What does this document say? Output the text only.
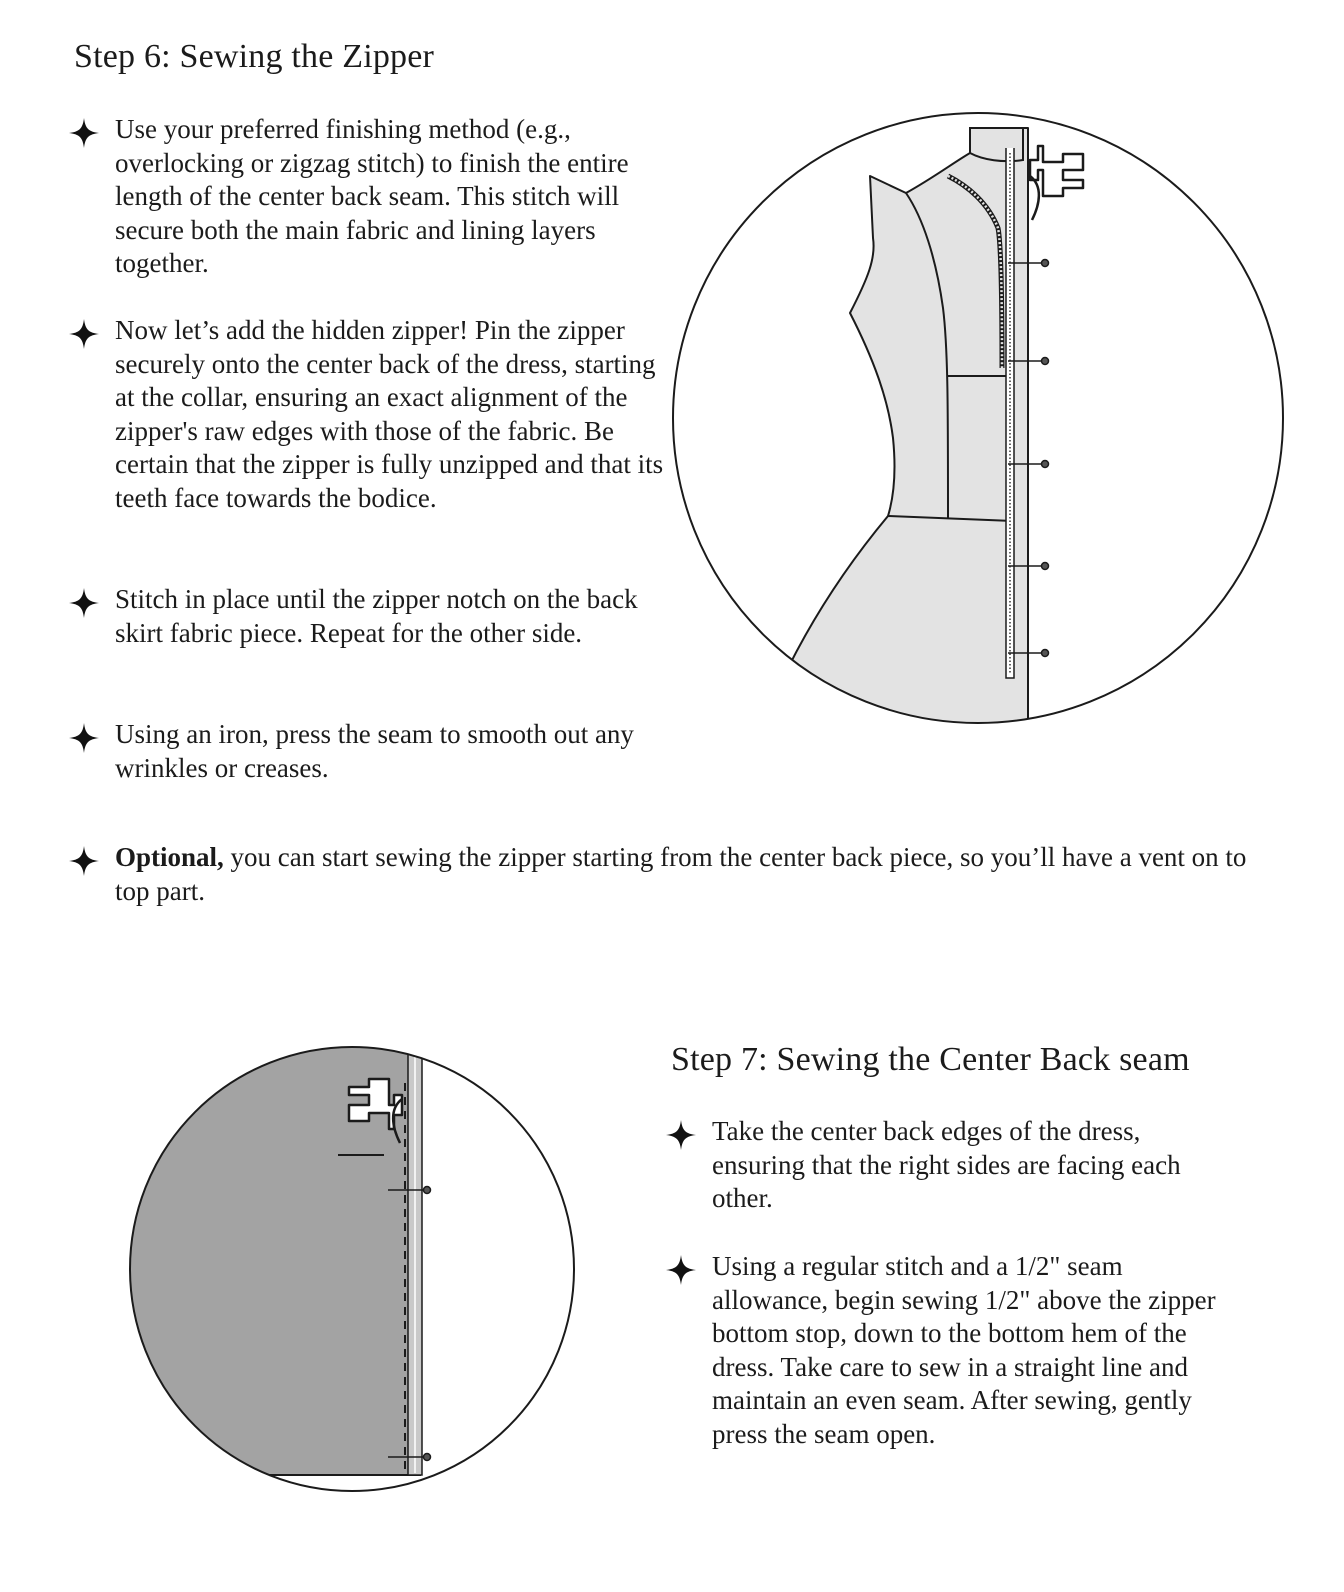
Step 6: Sewing the Zipper
Use your preferred finishing method (e.g., overlocking or zigzag stitch) to finish the entire length of the center back seam. This stitch will secure both the main fabric and lining layers together.
Now let’s add the hidden zipper! Pin the zipper securely onto the center back of the dress, starting at the collar, ensuring an exact alignment of the zipper's raw edges with those of the fabric. Be certain that the zipper is fully unzipped and that its teeth face towards the bodice.
Stitch in place until the zipper notch on the back skirt fabric piece. Repeat for the other side.
Using an iron, press the seam to smooth out any wrinkles or creases.
Optional, you can start sewing the zipper starting from the center back piece, so you’ll have a vent on to top part.
Step 7: Sewing the Center Back seam
Take the center back edges of the dress, ensuring that the right sides are facing each other.
Using a regular stitch and a 1/2" seam allowance, begin sewing 1/2" above the zipper bottom stop, down to the bottom hem of the dress. Take care to sew in a straight line and maintain an even seam. After sewing, gently press the seam open.
